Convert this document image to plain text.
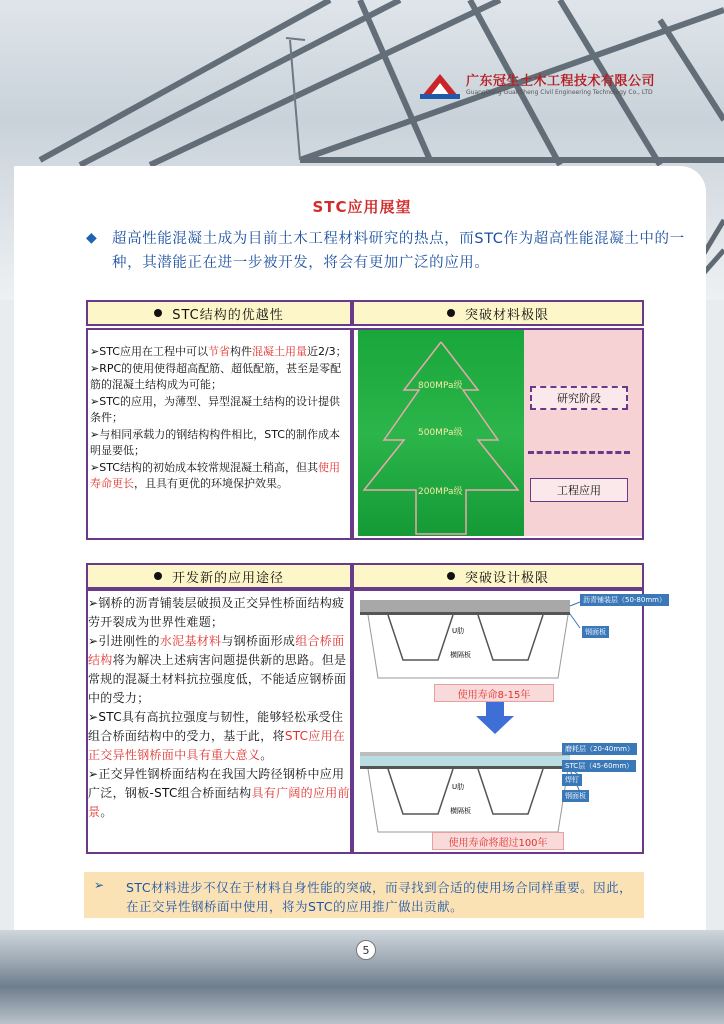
广东冠生土木工程技术有限公司
GuangDong GuanSheng Civil Engineering Technology Co., LTD
STC应用展望
◆ 超高性能混凝土成为目前土木工程材料研究的热点，而STC作为超高性能混凝土中的一种，其潜能正在进一步被开发，将会有更加广泛的应用。
STC结构的优越性

➢STC应用在工程中可以节省构件混凝土用量近2/3；

➢RPC的使用使得超高配筋、超低配筋，甚至是零配筋的混凝土结构成为可能；

➢STC的应用，为薄型、异型混凝土结构的设计提供条件；

➢与相同承载力的钢结构构件相比，STC的制作成本明显要低；

➢STC结构的初始成本较常规混凝土稍高，但其使用寿命更长，且具有更优的环境保护效果。

突破材料极限
800MPa级
500MPa级
200MPa级
研究阶段
工程应用
开发新的应用途径

➢钢桥的沥青铺装层破损及正交异性桥面结构疲劳开裂成为世界性难题；

➢引进刚性的水泥基材料与钢桥面形成组合桥面结构将为解决上述病害问题提供新的思路。但是常规的混凝土材料抗拉强度低，不能适应钢桥面中的受力；

➢STC具有高抗拉强度与韧性，能够轻松承受住组合桥面结构中的受力，基于此，将STC应用在正交异性钢桥面中具有重大意义。

➢正交异性钢桥面结构在我国大跨径钢桥中应用广泛，钢板-STC组合桥面结构具有广阔的应用前景。

突破设计极限
沥青铺装层（50-80mm）
钢面板
U肋
横隔板
使用寿命8-15年
磨耗层（20-40mm）
STC层（45-60mm）
焊钉
钢面板
U肋
横隔板
使用寿命将超过100年
STC材料进步不仅在于材料自身性能的突破，而寻找到合适的使用场合同样重要。因此，在正交异性钢桥面中使用，将为STC的应用推广做出贡献。
➢
5
